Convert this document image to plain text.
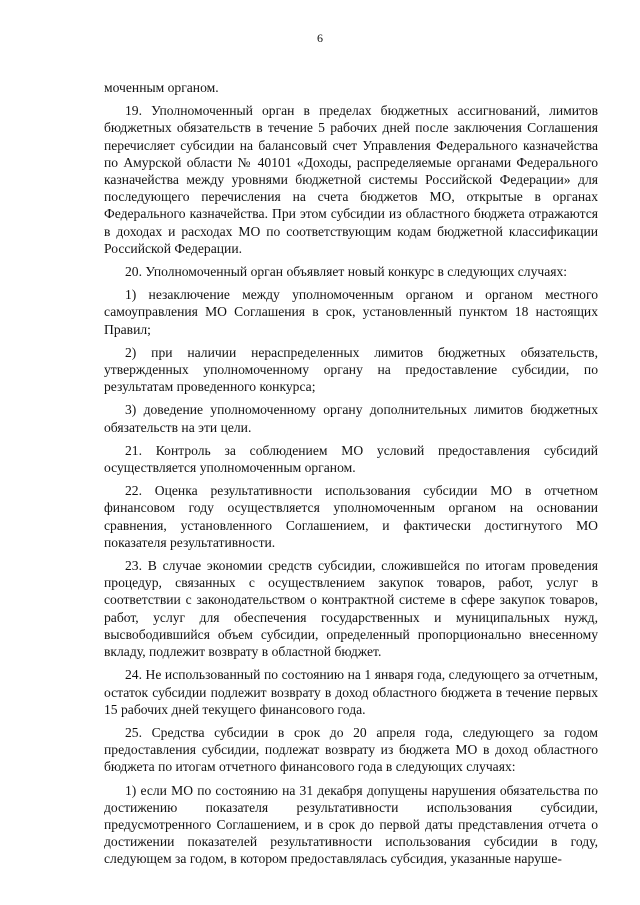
6

моченным органом.

19. Уполномоченный орган в пределах бюджетных ассигнований, лимитов бюджетных обязательств в течение 5 рабочих дней после заключения Соглашения перечисляет субсидии на балансовый счет Управления Федерального казначейства по Амурской области № 40101 «Доходы, распределяемые органами Федерального казначейства между уровнями бюджетной системы Российской Федерации» для последующего перечисления на счета бюджетов МО, открытые в органах Федерального казначейства. При этом субсидии из областного бюджета отражаются в доходах и расходах МО по соответствующим кодам бюджетной классификации Российской Федерации.

20. Уполномоченный орган объявляет новый конкурс в следующих случаях:

1) незаключение между уполномоченным органом и органом местного самоуправления МО Соглашения в срок, установленный пунктом 18 настоящих Правил;

2) при наличии нераспределенных лимитов бюджетных обязательств, утвержденных уполномоченному органу на предоставление субсидии, по результатам проведенного конкурса;

3) доведение уполномоченному органу дополнительных лимитов бюджетных обязательств на эти цели.

21. Контроль за соблюдением МО условий предоставления субсидий осуществляется уполномоченным органом.

22. Оценка результативности использования субсидии МО в отчетном финансовом году осуществляется уполномоченным органом на основании сравнения, установленного Соглашением, и фактически достигнутого МО показателя результативности.

23. В случае экономии средств субсидии, сложившейся по итогам проведения процедур, связанных с осуществлением закупок товаров, работ, услуг в соответствии с законодательством о контрактной системе в сфере закупок товаров, работ, услуг для обеспечения государственных и муниципальных нужд, высвободившийся объем субсидии, определенный пропорционально внесенному вкладу, подлежит возврату в областной бюджет.

24. Не использованный по состоянию на 1 января года, следующего за отчетным, остаток субсидии подлежит возврату в доход областного бюджета в течение первых 15 рабочих дней текущего финансового года.

25. Средства субсидии в срок до 20 апреля года, следующего за годом предоставления субсидии, подлежат возврату из бюджета МО в доход областного бюджета по итогам отчетного финансового года в следующих случаях:

1) если МО по состоянию на 31 декабря допущены нарушения обязательства по достижению показателя результативности использования субсидии, предусмотренного Соглашением, и в срок до первой даты представления отчета о достижении показателей результативности использования субсидии в году, следующем за годом, в котором предоставлялась субсидия, указанные наруше-
